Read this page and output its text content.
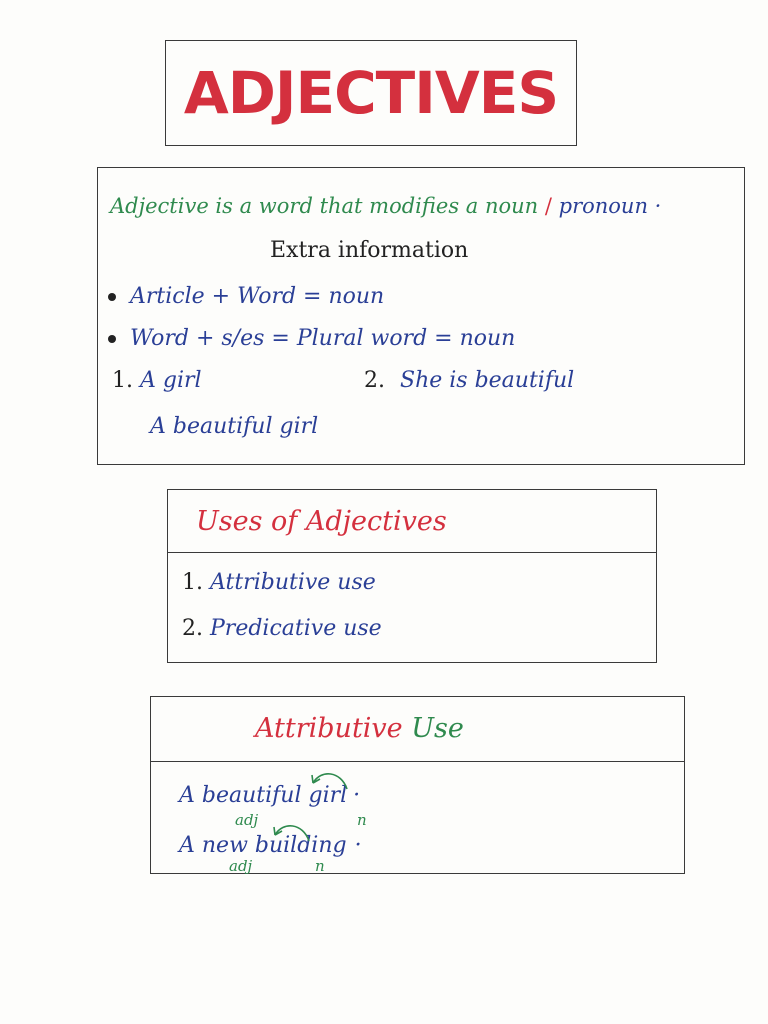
ADJECTIVES
Adjective is a word that modifies a noun / pronoun ·
Extra information
Article + Word = noun
Word + s/es = Plural word = noun
1. A girl	2. She is beautiful
A beautiful girl
Uses of Adjectives
1. Attributive use
2. Predicative use
Attributive Use
A beautiful girl ·
adj	n
A new building ·
adj	n
